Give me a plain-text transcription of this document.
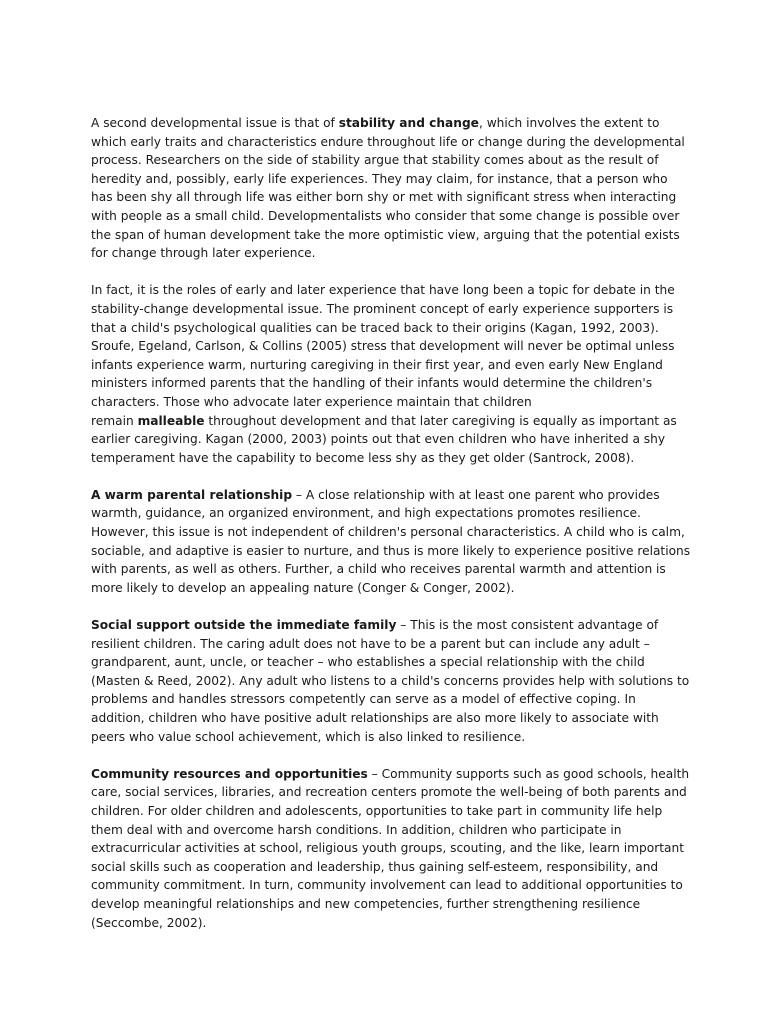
A second developmental issue is that of stability and change, which involves the extent to
which early traits and characteristics endure throughout life or change during the developmental
process. Researchers on the side of stability argue that stability comes about as the result of
heredity and, possibly, early life experiences. They may claim, for instance, that a person who
has been shy all through life was either born shy or met with significant stress when interacting
with people as a small child. Developmentalists who consider that some change is possible over
the span of human development take the more optimistic view, arguing that the potential exists
for change through later experience.

In fact, it is the roles of early and later experience that have long been a topic for debate in the
stability-change developmental issue. The prominent concept of early experience supporters is
that a child's psychological qualities can be traced back to their origins (Kagan, 1992, 2003).
Sroufe, Egeland, Carlson, & Collins (2005) stress that development will never be optimal unless
infants experience warm, nurturing caregiving in their first year, and even early New England
ministers informed parents that the handling of their infants would determine the children's
characters. Those who advocate later experience maintain that children
remain malleable throughout development and that later caregiving is equally as important as
earlier caregiving. Kagan (2000, 2003) points out that even children who have inherited a shy
temperament have the capability to become less shy as they get older (Santrock, 2008).

A warm parental relationship – A close relationship with at least one parent who provides
warmth, guidance, an organized environment, and high expectations promotes resilience.
However, this issue is not independent of children's personal characteristics. A child who is calm,
sociable, and adaptive is easier to nurture, and thus is more likely to experience positive relations
with parents, as well as others. Further, a child who receives parental warmth and attention is
more likely to develop an appealing nature (Conger & Conger, 2002).

Social support outside the immediate family – This is the most consistent advantage of
resilient children. The caring adult does not have to be a parent but can include any adult –
grandparent, aunt, uncle, or teacher – who establishes a special relationship with the child
(Masten & Reed, 2002). Any adult who listens to a child's concerns provides help with solutions to
problems and handles stressors competently can serve as a model of effective coping. In
addition, children who have positive adult relationships are also more likely to associate with
peers who value school achievement, which is also linked to resilience.

Community resources and opportunities – Community supports such as good schools, health
care, social services, libraries, and recreation centers promote the well-being of both parents and
children. For older children and adolescents, opportunities to take part in community life help
them deal with and overcome harsh conditions. In addition, children who participate in
extracurricular activities at school, religious youth groups, scouting, and the like, learn important
social skills such as cooperation and leadership, thus gaining self-esteem, responsibility, and
community commitment. In turn, community involvement can lead to additional opportunities to
develop meaningful relationships and new competencies, further strengthening resilience
(Seccombe, 2002).
